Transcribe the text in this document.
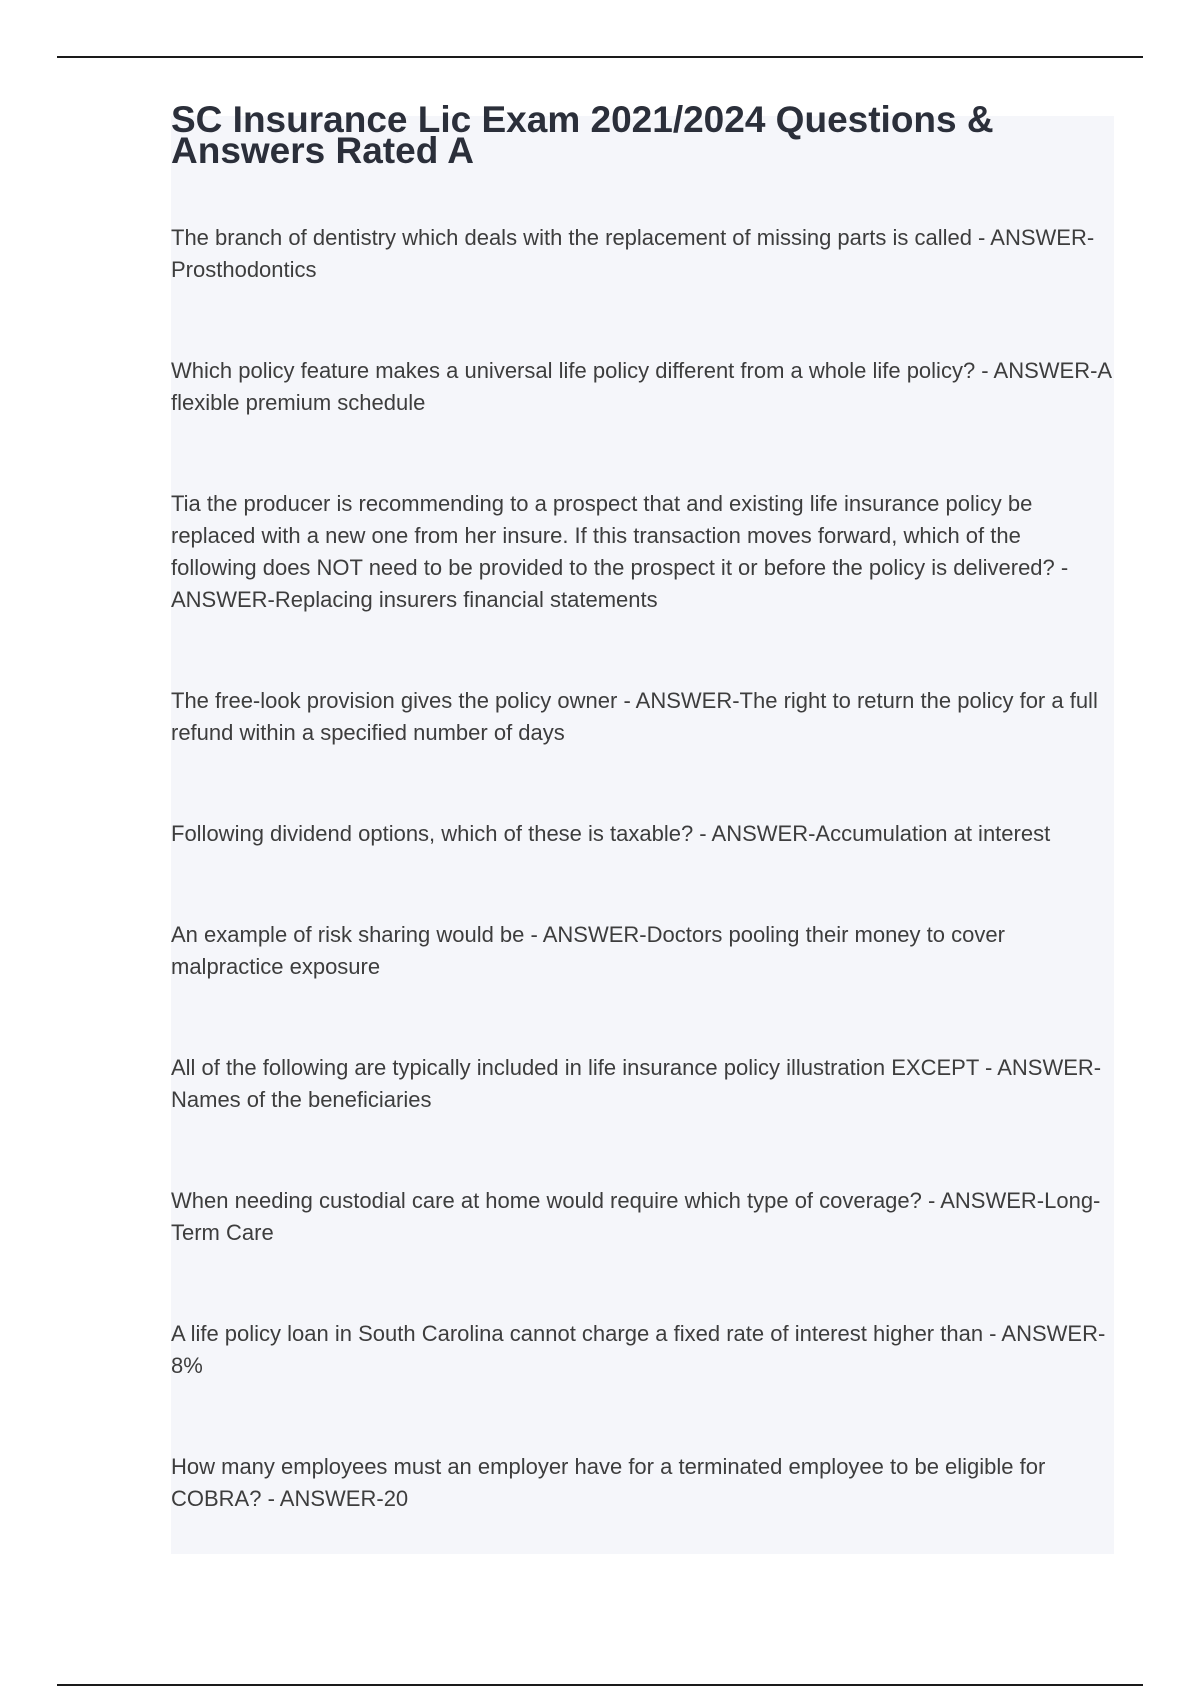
SC Insurance Lic Exam 2021/2024 Questions & Answers Rated A
The branch of dentistry which deals with the replacement of missing parts is called - ANSWER-Prosthodontics
Which policy feature makes a universal life policy different from a whole life policy? - ANSWER-A flexible premium schedule
Tia the producer is recommending to a prospect that and existing life insurance policy be replaced with a new one from her insure. If this transaction moves forward, which of the following does NOT need to be provided to the prospect it or before the policy is delivered? - ANSWER-Replacing insurers financial statements
The free-look provision gives the policy owner - ANSWER-The right to return the policy for a full refund within a specified number of days
Following dividend options, which of these is taxable? - ANSWER-Accumulation at interest
An example of risk sharing would be - ANSWER-Doctors pooling their money to cover malpractice exposure
All of the following are typically included in life insurance policy illustration EXCEPT - ANSWER-Names of the beneficiaries
When needing custodial care at home would require which type of coverage? - ANSWER-Long-Term Care
A life policy loan in South Carolina cannot charge a fixed rate of interest higher than - ANSWER-8%
How many employees must an employer have for a terminated employee to be eligible for COBRA? - ANSWER-20
